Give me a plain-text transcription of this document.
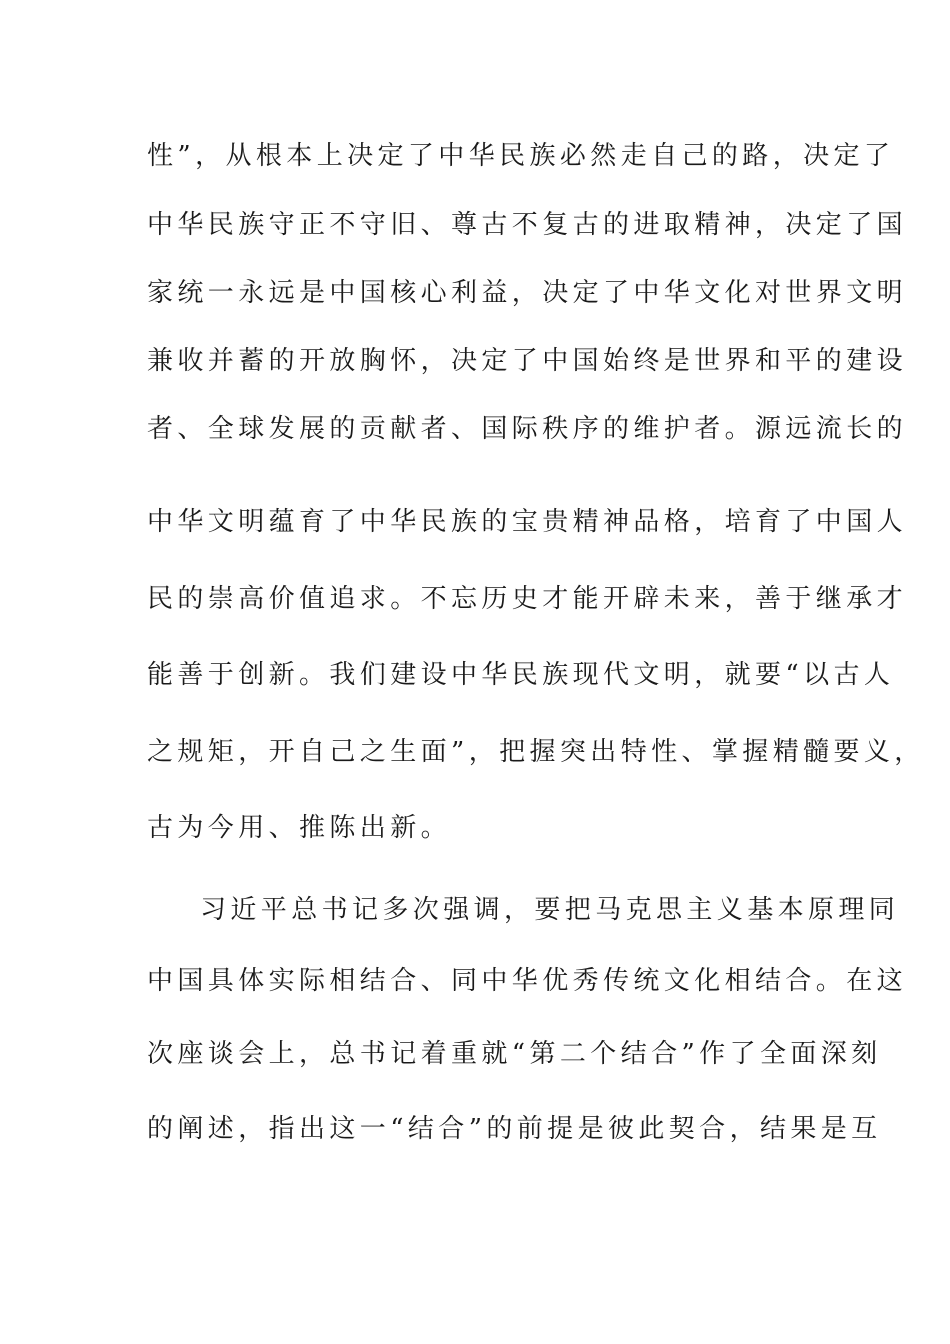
性”，从根本上决定了中华民族必然走自己的路，决定了

中华民族守正不守旧、尊古不复古的进取精神，决定了国

家统一永远是中国核心利益，决定了中华文化对世界文明

兼收并蓄的开放胸怀，决定了中国始终是世界和平的建设

者、全球发展的贡献者、国际秩序的维护者。源远流长的

中华文明蕴育了中华民族的宝贵精神品格，培育了中国人

民的崇高价值追求。不忘历史才能开辟未来，善于继承才

能善于创新。我们建设中华民族现代文明，就要“以古人

之规矩，开自己之生面”，把握突出特性、掌握精髓要义，

古为今用、推陈出新。

习近平总书记多次强调，要把马克思主义基本原理同

中国具体实际相结合、同中华优秀传统文化相结合。在这

次座谈会上，总书记着重就“第二个结合”作了全面深刻

的阐述，指出这一“结合”的前提是彼此契合，结果是互
